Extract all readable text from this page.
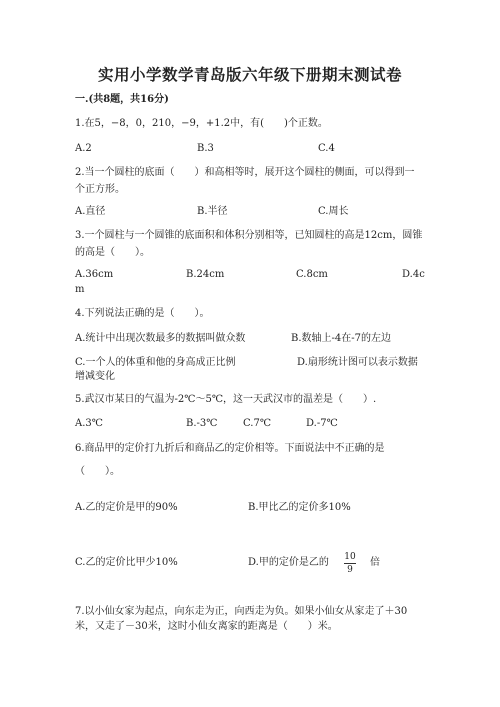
实用小学数学青岛版六年级下册期末测试卷
一.(共8题，共16分)
1.在5，−8，0，210，−9，+1.2中，有(　　)个正数。
A.2	B.3	C.4
2.当一个圆柱的底面（　　）和高相等时，展开这个圆柱的侧面，可以得到一
个正方形。
A.直径	B.半径	C.周长
3.一个圆柱与一个圆锥的底面积和体积分别相等，已知圆柱的高是12cm，圆锥
的高是（　　）。
A.36cm	B.24cm	C.8cm	D.4c
m
4.下列说法正确的是（　　）。
A.统计中出现次数最多的数据叫做众数	B.数轴上-4在-7的左边
C.一个人的体重和他的身高成正比例	D.扇形统计图可以表示数据
增减变化
5.武汉市某日的气温为-2℃～5℃，这一天武汉市的温差是（　　）.
A.3℃	B.-3℃	C.7℃	D.-7℃
6.商品甲的定价打九折后和商品乙的定价相等。下面说法中不正确的是
（　　）。
A.乙的定价是甲的90%	B.甲比乙的定价多10%
C.乙的定价比甲少10%	D.甲的定价是乙的 10
9
倍
7.以小仙女家为起点，向东走为正，向西走为负。如果小仙女从家走了＋30
米，又走了－30米，这时小仙女离家的距离是（　　）米。
